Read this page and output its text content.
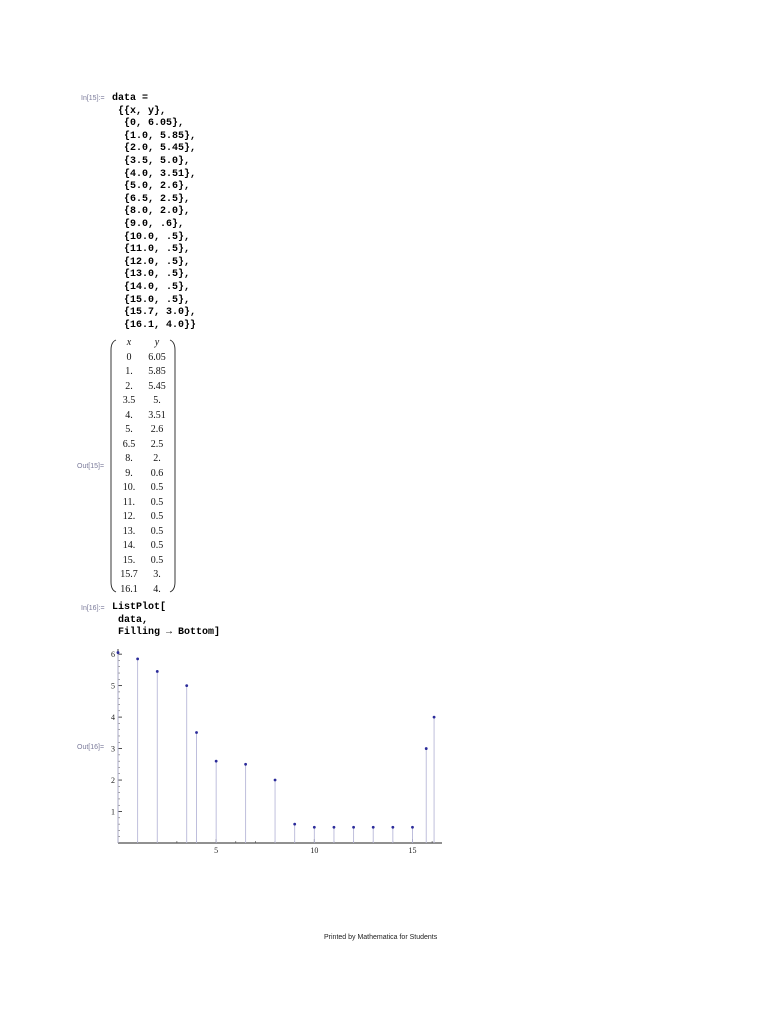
In[15]:= data =
{{x, y},
{0, 6.05},
{1.0, 5.85},
{2.0, 5.45},
{3.5, 5.0},
{4.0, 3.51},
{5.0, 2.6},
{6.5, 2.5},
{8.0, 2.0},
{9.0, .6},
{10.0, .5},
{11.0, .5},
{12.0, .5},
{13.0, .5},
{14.0, .5},
{15.0, .5},
{15.7, 3.0},
{16.1, 4.0}}
Out[15]=
x	y
0	6.05
1.	5.85
2.	5.45
3.5	5.
4.	3.51
5.	2.6
6.5	2.5
8.	2.
9.	0.6
10.	0.5
11.	0.5
12.	0.5
13.	0.5
14.	0.5
15.	0.5
15.7	3.
16.1	4.
In[16]:= ListPlot[
data,
Filling → Bottom]
Out[16]=
5	10	15
1
2
3
4
5
6
Printed by Mathematica for Students
